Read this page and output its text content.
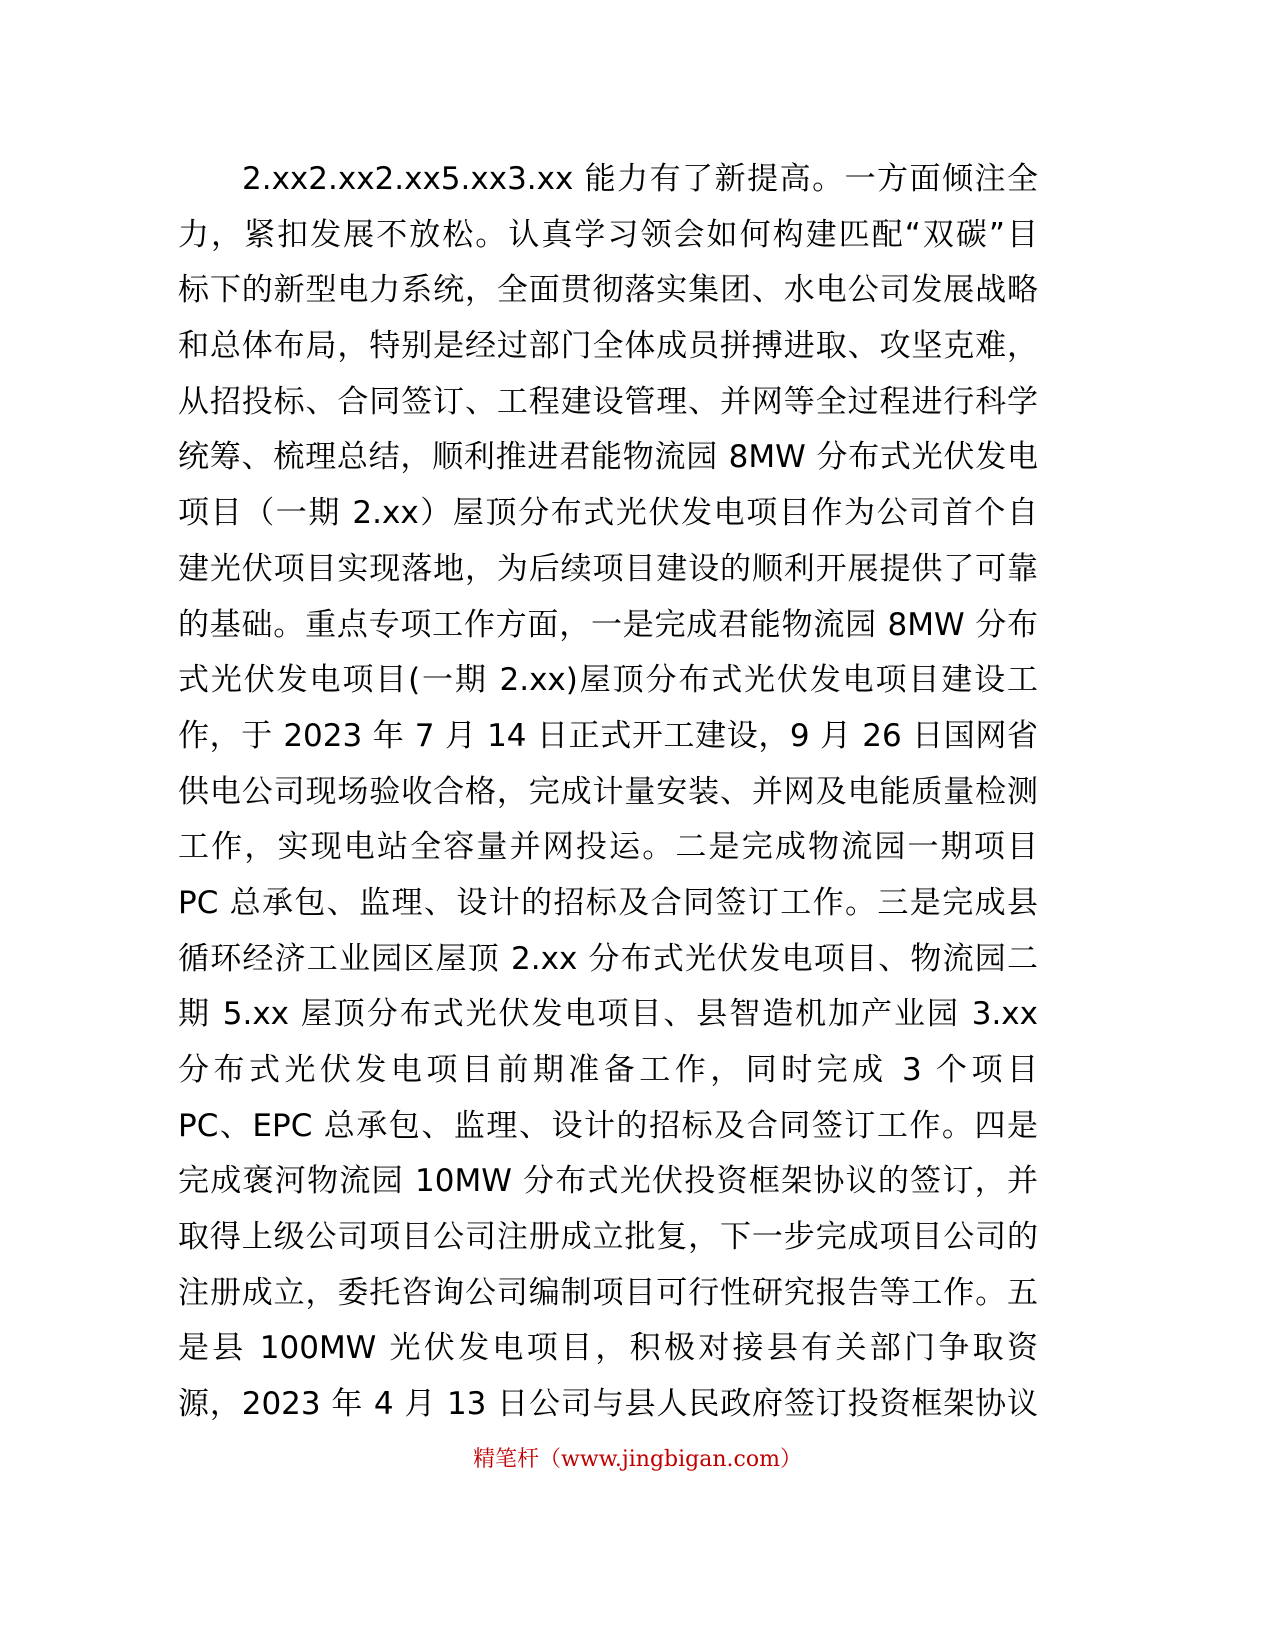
2.xx2.xx2.xx5.xx3.xx 能力有了新提高。一方面倾注全
力，紧扣发展不放松。认真学习领会如何构建匹配“双碳”目
标下的新型电力系统，全面贯彻落实集团、水电公司发展战略
和总体布局，特别是经过部门全体成员拼搏进取、攻坚克难，
从招投标、合同签订、工程建设管理、并网等全过程进行科学
统筹、梳理总结，顺利推进君能物流园 8MW 分布式光伏发电
项目（一期 2.xx）屋顶分布式光伏发电项目作为公司首个自
建光伏项目实现落地，为后续项目建设的顺利开展提供了可靠
的基础。重点专项工作方面，一是完成君能物流园 8MW 分布
式光伏发电项目(一期 2.xx)屋顶分布式光伏发电项目建设工
作，于 2023 年 7 月 14 日正式开工建设，9 月 26 日国网省
供电公司现场验收合格，完成计量安装、并网及电能质量检测
工作，实现电站全容量并网投运。二是完成物流园一期项目
PC 总承包、监理、设计的招标及合同签订工作。三是完成县
循环经济工业园区屋顶 2.xx 分布式光伏发电项目、物流园二
期 5.xx 屋顶分布式光伏发电项目、县智造机加产业园 3.xx
分布式光伏发电项目前期准备工作，同时完成 3 个项目
PC、EPC 总承包、监理、设计的招标及合同签订工作。四是
完成褒河物流园 10MW 分布式光伏投资框架协议的签订，并
取得上级公司项目公司注册成立批复，下一步完成项目公司的
注册成立，委托咨询公司编制项目可行性研究报告等工作。五
是县 100MW 光伏发电项目，积极对接县有关部门争取资
源，2023 年 4 月 13 日公司与县人民政府签订投资框架协议
精笔杆（www.jingbigan.com）
